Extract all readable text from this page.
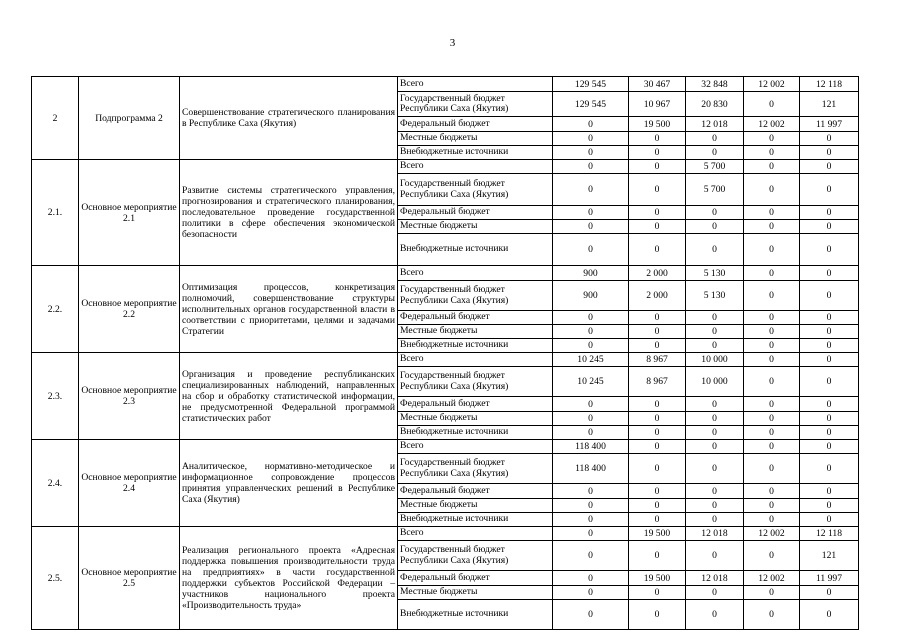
3
2	Подпрограмма 2	Совершенствование стратегического планирования в Республике Саха (Якутия)	Всего	129 545	30 467	32 848	12 002	12 118
			Государственный бюджет Республики Саха (Якутия)	129 545	10 967	20 830	0	121
			Федеральный бюджет	0	19 500	12 018	12 002	11 997
			Местные бюджеты	0	0	0	0	0
			Внебюджетные источники	0	0	0	0	0
2.1.	Основное мероприятие 2.1	Развитие системы стратегического управления, прогнозирования и стратегического планирования, последовательное проведение государственной политики в сфере обеспечения экономической безопасности	Всего	0	0	5 700	0	0
			Государственный бюджет Республики Саха (Якутия)	0	0	5 700	0	0
			Федеральный бюджет	0	0	0	0	0
			Местные бюджеты	0	0	0	0	0
			Внебюджетные источники	0	0	0	0	0
2.2.	Основное мероприятие 2.2	Оптимизация процессов, конкретизация полномочий, совершенствование структуры исполнительных органов государственной власти в соответствии с приоритетами, целями и задачами Стратегии	Всего	900	2 000	5 130	0	0
			Государственный бюджет Республики Саха (Якутия)	900	2 000	5 130	0	0
			Федеральный бюджет	0	0	0	0	0
			Местные бюджеты	0	0	0	0	0
			Внебюджетные источники	0	0	0	0	0
2.3.	Основное мероприятие 2.3	Организация и проведение республиканских специализированных наблюдений, направленных на сбор и обработку статистической информации, не предусмотренной Федеральной программой статистических работ	Всего	10 245	8 967	10 000	0	0
			Государственный бюджет Республики Саха (Якутия)	10 245	8 967	10 000	0	0
			Федеральный бюджет	0	0	0	0	0
			Местные бюджеты	0	0	0	0	0
			Внебюджетные источники	0	0	0	0	0
2.4.	Основное мероприятие 2.4	Аналитическое, нормативно-методическое и информационное сопровождение процессов принятия управленческих решений в Республике Саха (Якутия)	Всего	118 400	0	0	0	0
			Государственный бюджет Республики Саха (Якутия)	118 400	0	0	0	0
			Федеральный бюджет	0	0	0	0	0
			Местные бюджеты	0	0	0	0	0
			Внебюджетные источники	0	0	0	0	0
2.5.	Основное мероприятие 2.5	Реализация регионального проекта «Адресная поддержка повышения производительности труда на предприятиях» в части государственной поддержки субъектов Российской Федерации – участников национального проекта «Производительность труда»	Всего	0	19 500	12 018	12 002	12 118
			Государственный бюджет Республики Саха (Якутия)	0	0	0	0	121
			Федеральный бюджет	0	19 500	12 018	12 002	11 997
			Местные бюджеты	0	0	0	0	0
			Внебюджетные источники	0	0	0	0	0
